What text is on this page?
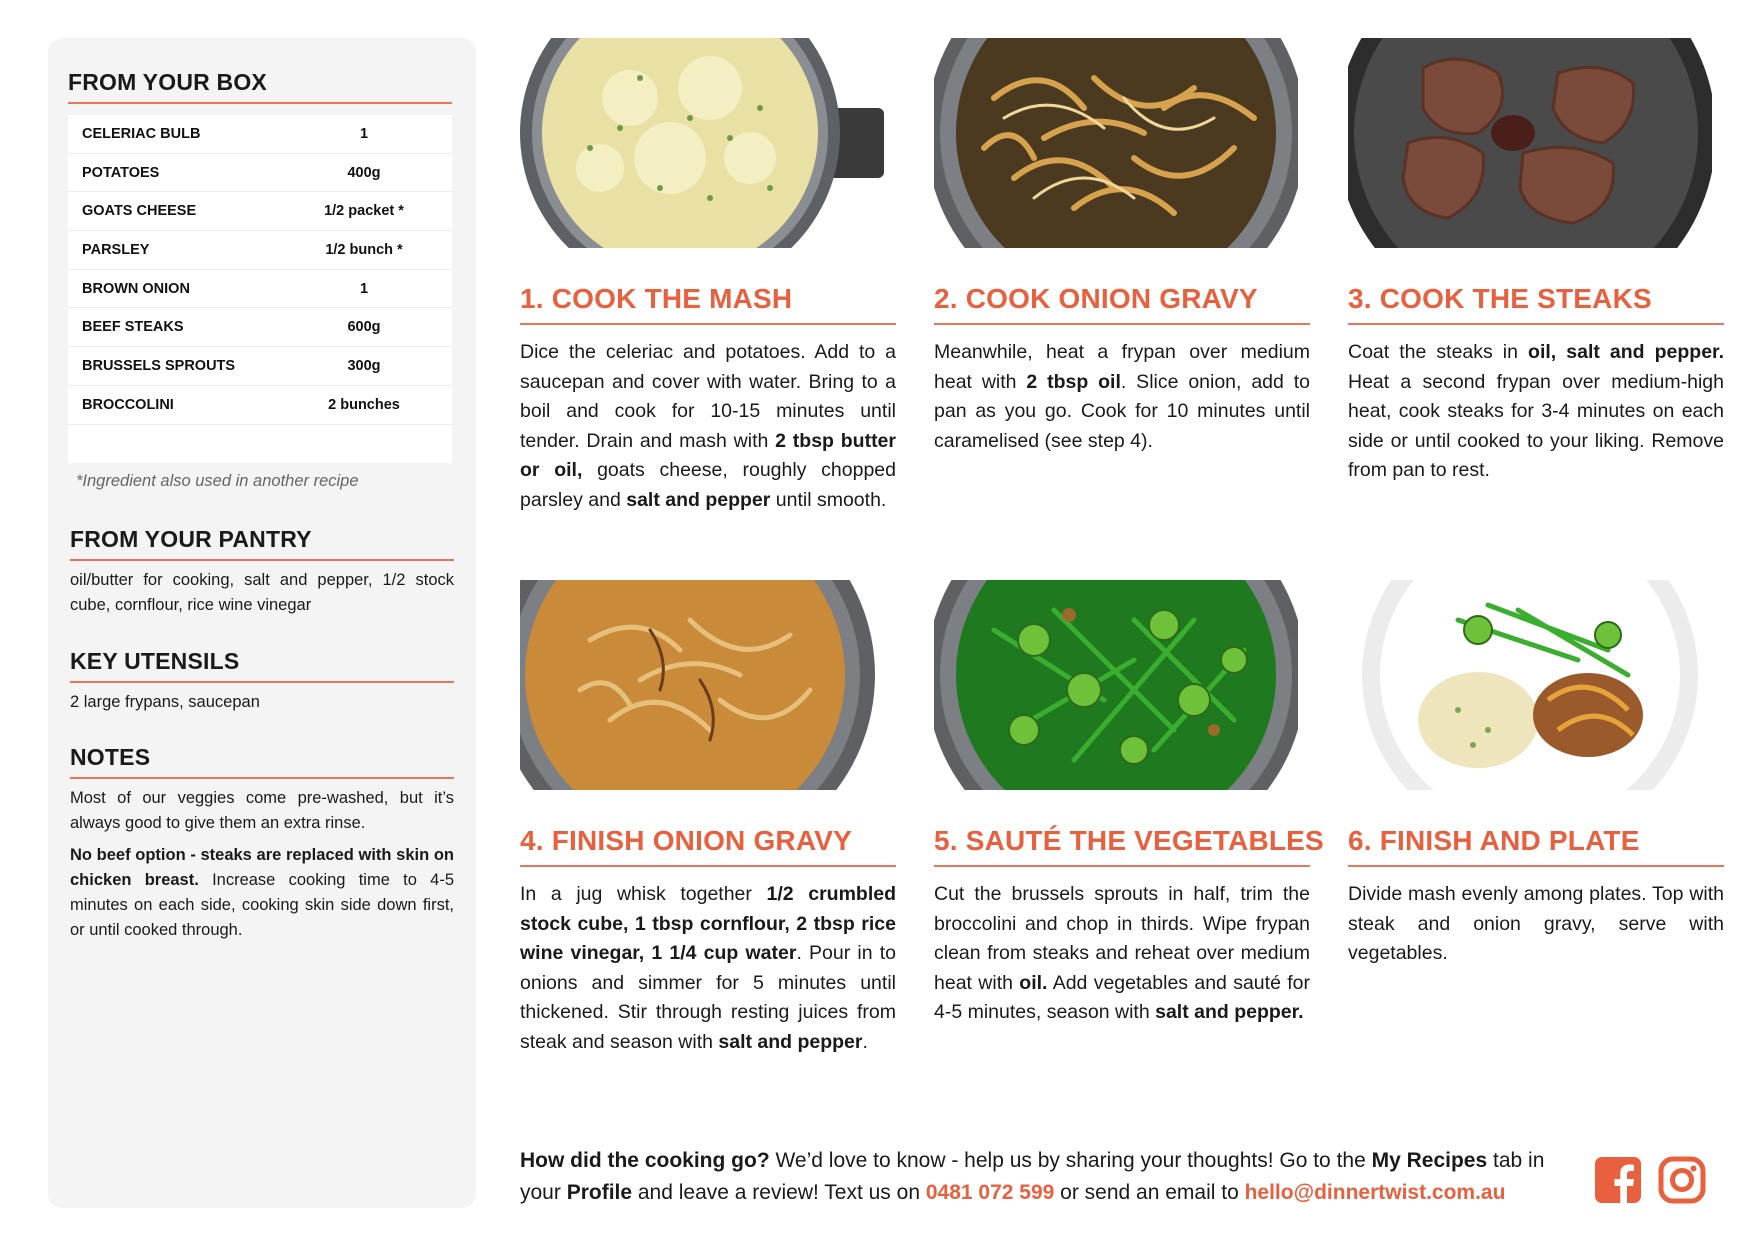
FROM YOUR BOX
CELERIAC BULB	1
POTATOES	400g
GOATS CHEESE	1/2 packet *
PARSLEY	1/2 bunch *
BROWN ONION	1
BEEF STEAKS	600g
BRUSSELS SPROUTS	300g
BROCCOLINI	2 bunches
*Ingredient also used in another recipe
FROM YOUR PANTRY
oil/butter for cooking, salt and pepper, 1/2 stock cube, cornflour, rice wine vinegar
KEY UTENSILS
2 large frypans, saucepan
NOTES
Most of our veggies come pre-washed, but it’s always good to give them an extra rinse.
No beef option - steaks are replaced with skin on chicken breast. Increase cooking time to 4-5 minutes on each side, cooking skin side down first, or until cooked through.
1. COOK THE MASH
Dice the celeriac and potatoes. Add to a saucepan and cover with water. Bring to a boil and cook for 10-15 minutes until tender. Drain and mash with 2 tbsp butter or oil, goats cheese, roughly chopped parsley and salt and pepper until smooth.
2. COOK ONION GRAVY
Meanwhile, heat a frypan over medium heat with 2 tbsp oil. Slice onion, add to pan as you go. Cook for 10 minutes until caramelised (see step 4).
3. COOK THE STEAKS
Coat the steaks in oil, salt and pepper. Heat a second frypan over medium-high heat, cook steaks for 3-4 minutes on each side or until cooked to your liking. Remove from pan to rest.
4. FINISH ONION GRAVY
In a jug whisk together 1/2 crumbled stock cube, 1 tbsp cornflour, 2 tbsp rice wine vinegar, 1 1/4 cup water. Pour in to onions and simmer for 5 minutes until thickened. Stir through resting juices from steak and season with salt and pepper.
5. SAUTÉ THE VEGETABLES
Cut the brussels sprouts in half, trim the broccolini and chop in thirds. Wipe frypan clean from steaks and reheat over medium heat with oil. Add vegetables and sauté for 4-5 minutes, season with salt and pepper.
6. FINISH AND PLATE
Divide mash evenly among plates. Top with steak and onion gravy, serve with vegetables.
How did the cooking go? We’d love to know - help us by sharing your thoughts! Go to the My Recipes tab in your Profile and leave a review! Text us on 0481 072 599 or send an email to hello@dinnertwist.com.au
